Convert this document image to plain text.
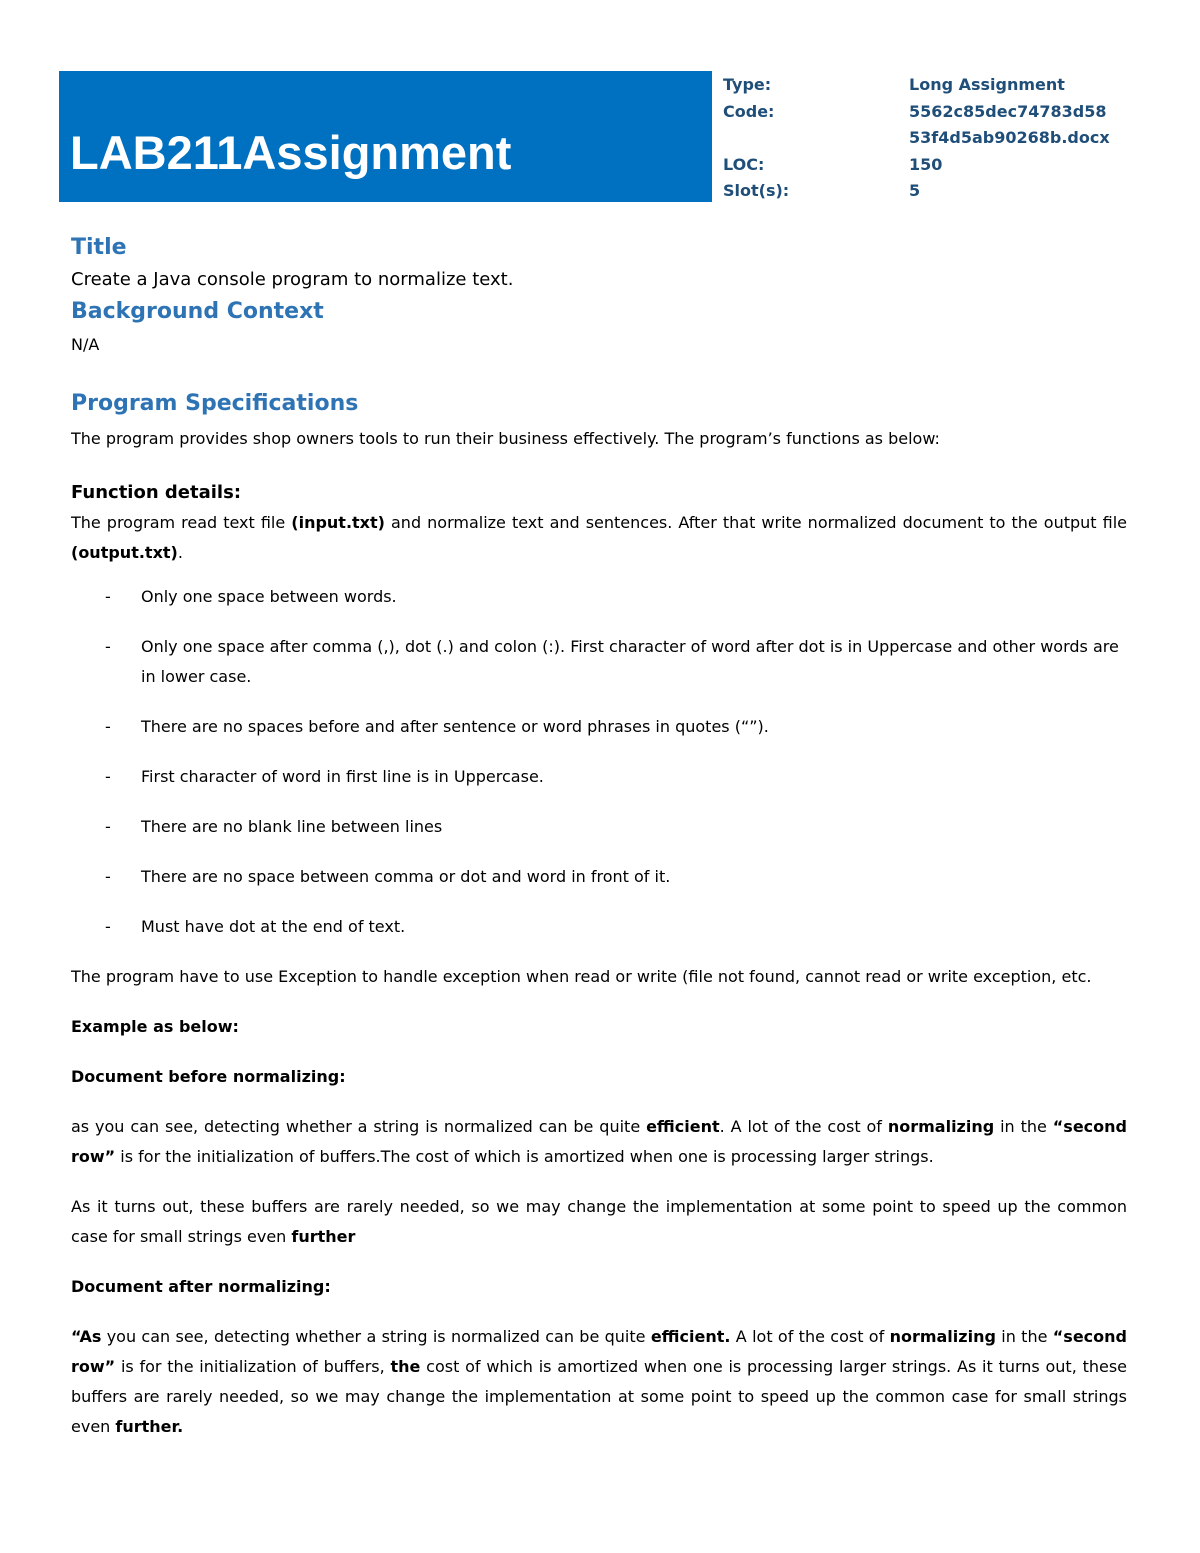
LAB211Assignment
Type:	Long Assignment
Code:	5562c85dec74783d58
53f4d5ab90268b.docx
LOC:	150
Slot(s):	5
Title

Create a Java console program to normalize text.

Background Context

N/A

Program Specifications

The program provides shop owners tools to run their business effectively. The program’s functions as below:

Function details:

The program read text file (input.txt) and normalize text and sentences. After that write normalized document to the output file (output.txt).

- Only one space between words.
- Only one space after comma (,), dot (.) and colon (:). First character of word after dot is in Uppercase and other words are in lower case.
- There are no spaces before and after sentence or word phrases in quotes (“”).
- First character of word in first line is in Uppercase.
- There are no blank line between lines
- There are no space between comma or dot and word in front of it.
- Must have dot at the end of text.

The program have to use Exception to handle exception when read or write (file not found, cannot read or write exception, etc.

Example as below:

Document before normalizing:

as you can see, detecting whether a string is normalized can be quite efficient. A lot of the cost of normalizing in the “second row” is for the initialization of buffers.The cost of which is amortized when one is processing larger strings.

As it turns out, these buffers are rarely needed, so we may change the implementation at some point to speed up the common case for small strings even further

Document after normalizing:

“As you can see, detecting whether a string is normalized can be quite efficient. A lot of the cost of normalizing in the “second row” is for the initialization of buffers, the cost of which is amortized when one is processing larger strings. As it turns out, these buffers are rarely needed, so we may change the implementation at some point to speed up the common case for small strings even further.
